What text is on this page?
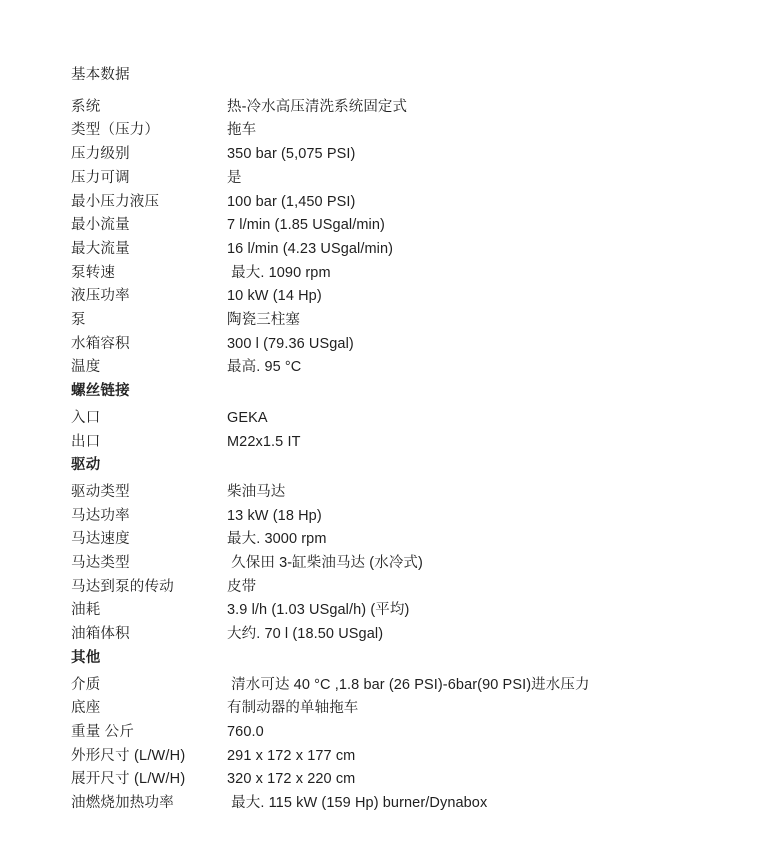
基本数据
系统	热-冷水高压清洗系统固定式
类型（压力）	拖车
压力级别	350 bar (5,075 PSI)
压力可调	是
最小压力液压	100 bar (1,450 PSI)
最小流量	7 l/min (1.85 USgal/min)
最大流量	16 l/min (4.23 USgal/min)
泵转速	最大. 1090 rpm
液压功率	10 kW (14 Hp)
泵	陶瓷三柱塞
水箱容积	300 l (79.36 USgal)
温度	最高. 95 °C
螺丝链接
入口	GEKA
出口	M22x1.5 IT
驱动
驱动类型	柴油马达
马达功率	13 kW (18 Hp)
马达速度	最大. 3000 rpm
马达类型	久保田 3-缸柴油马达 (水冷式)
马达到泵的传动	皮带
油耗	3.9 l/h (1.03 USgal/h) (平均)
油箱体积	大约. 70 l (18.50 USgal)
其他
介质	清水可达 40 °C ,1.8 bar (26 PSI)-6bar(90 PSI)进水压力
底座	有制动器的单轴拖车
重量 公斤	760.0
外形尺寸 (L/W/H)	291 x 172 x 177 cm
展开尺寸 (L/W/H)	320 x 172 x 220 cm
油燃烧加热功率	最大. 115 kW (159 Hp) burner/Dynabox
